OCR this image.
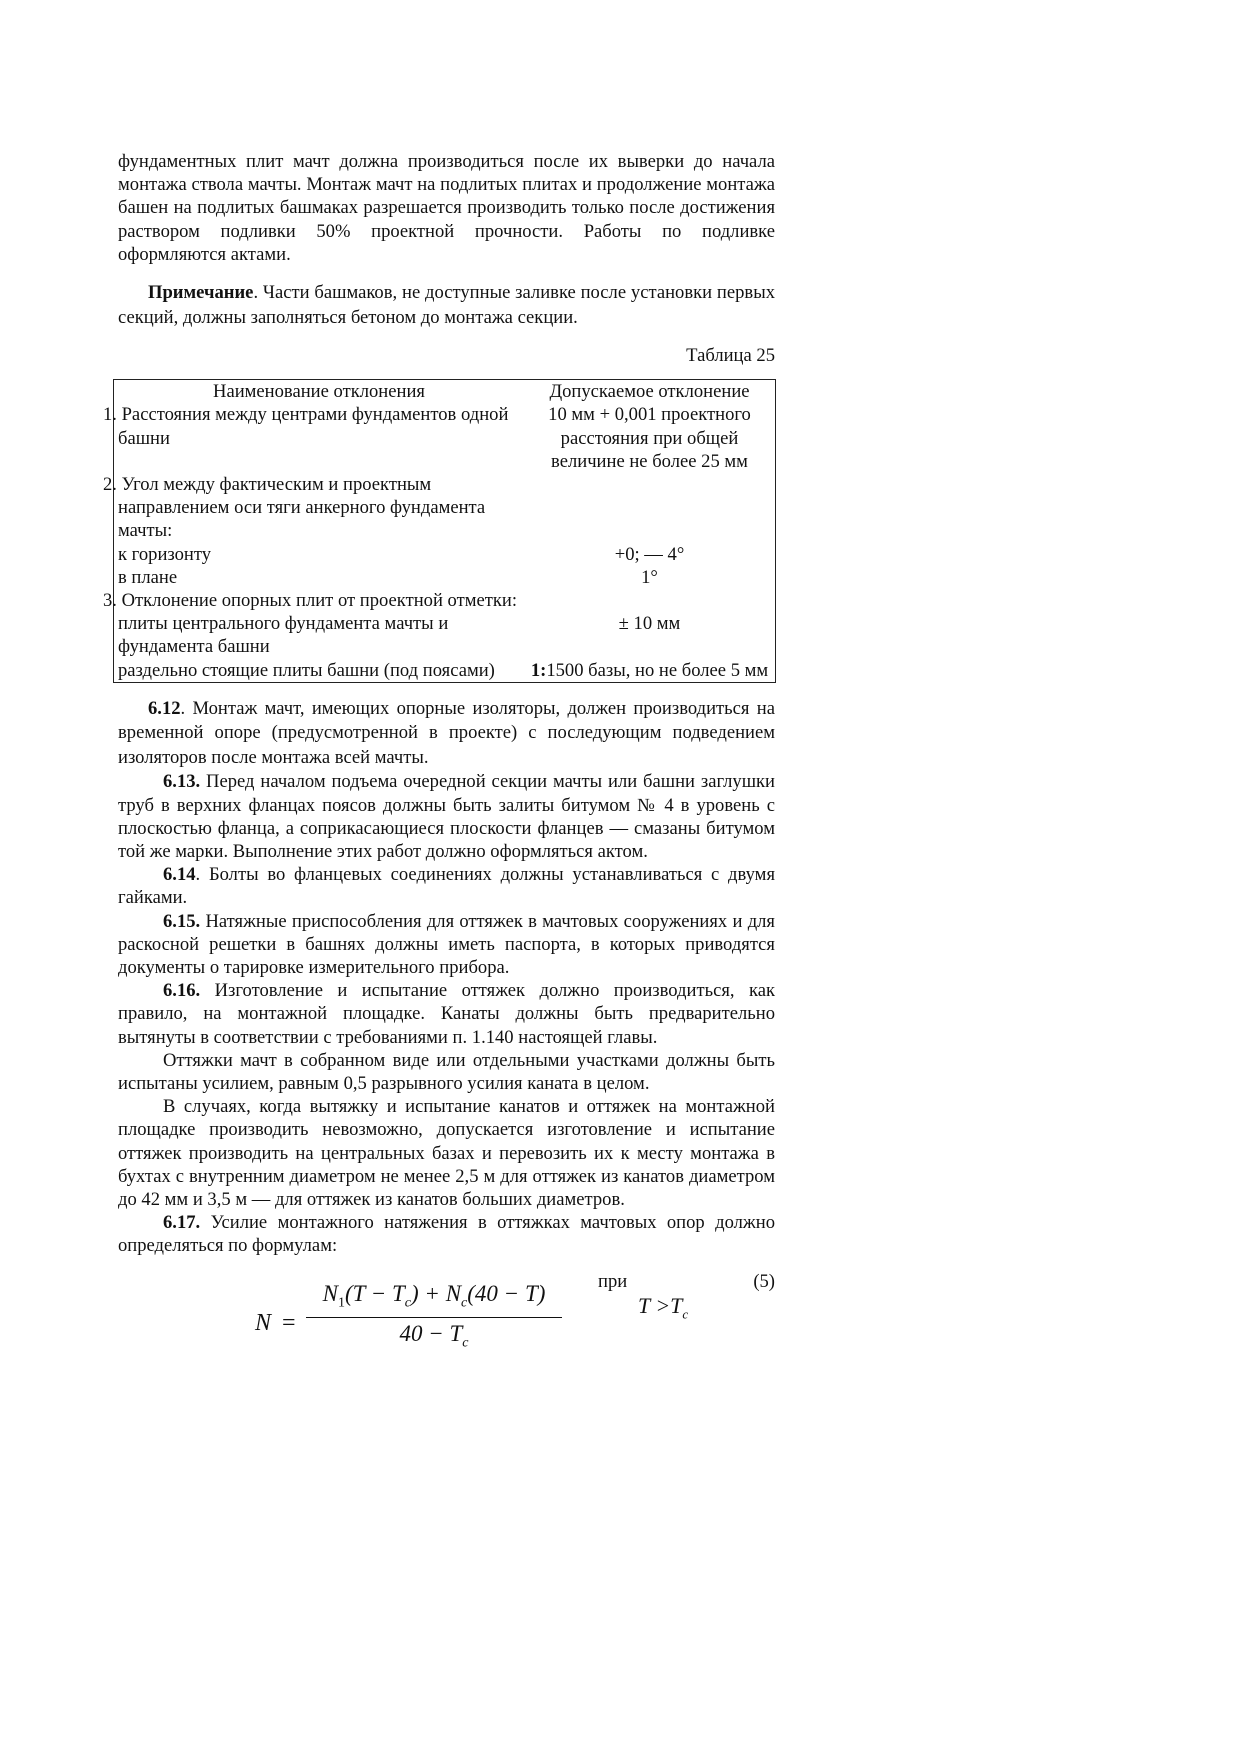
фундаментных плит мачт должна производиться после их выверки до начала монтажа ствола мачты. Монтаж мачт на подлитых плитах и продолжение монтажа башен на подлитых башмаках разрешается производить только после достижения раствором подливки 50% проектной прочности. Работы по подливке оформляются актами.

Примечание. Части башмаков, не доступные заливке после установки первых секций, должны заполняться бетоном до монтажа секции.

Таблица 25

Наименование отклонения	Допускаемое отклонение
1. Расстояния между центрами фундаментов одной башни	10 мм + 0,001 проектного расстояния при общей величине не более 25 мм
2. Угол между фактическим и проектным направлением оси тяги анкерного фундамента мачты:	
к горизонту	+0; — 4°
в плане	1°
3. Отклонение опорных плит от проектной отметки:	
плиты центрального фундамента мачты и фундамента башни	± 10 мм
раздельно стоящие плиты башни (под поясами)	1:1500 базы, но не более 5 мм

6.12. Монтаж мачт, имеющих опорные изоляторы, должен производиться на временной опоре (предусмотренной в проекте) с последующим подведением изоляторов после монтажа всей мачты.

6.13. Перед началом подъема очередной секции мачты или башни заглушки труб в верхних фланцах поясов должны быть залиты битумом № 4 в уровень с плоскостью фланца, а соприкасающиеся плоскости фланцев — смазаны битумом той же марки. Выполнение этих работ должно оформляться актом.

6.14. Болты во фланцевых соединениях должны устанавливаться с двумя гайками.

6.15. Натяжные приспособления для оттяжек в мачтовых сооружениях и для раскосной решетки в башнях должны иметь паспорта, в которых приводятся документы о тарировке измерительного прибора.

6.16. Изготовление и испытание оттяжек должно производиться, как правило, на монтажной площадке. Канаты должны быть предварительно вытянуты в соответствии с требованиями п. 1.140 настоящей главы.

Оттяжки мачт в собранном виде или отдельными участками должны быть испытаны усилием, равным 0,5 разрывного усилия каната в целом.

В случаях, когда вытяжку и испытание канатов и оттяжек на монтажной площадке производить невозможно, допускается изготовление и испытание оттяжек производить на центральных базах и перевозить их к месту монтажа в бухтах с внутренним диаметром не менее 2,5 м для оттяжек из канатов диаметром до 42 мм и 3,5 м — для оттяжек из канатов больших диаметров.

6.17. Усилие монтажного натяжения в оттяжках мачтовых опор должно определяться по формулам:

$N = \frac{N_1(T - T_c) + N_c(40 - T)}{40 - T_c}$
при
$T >T_c$
(5)
